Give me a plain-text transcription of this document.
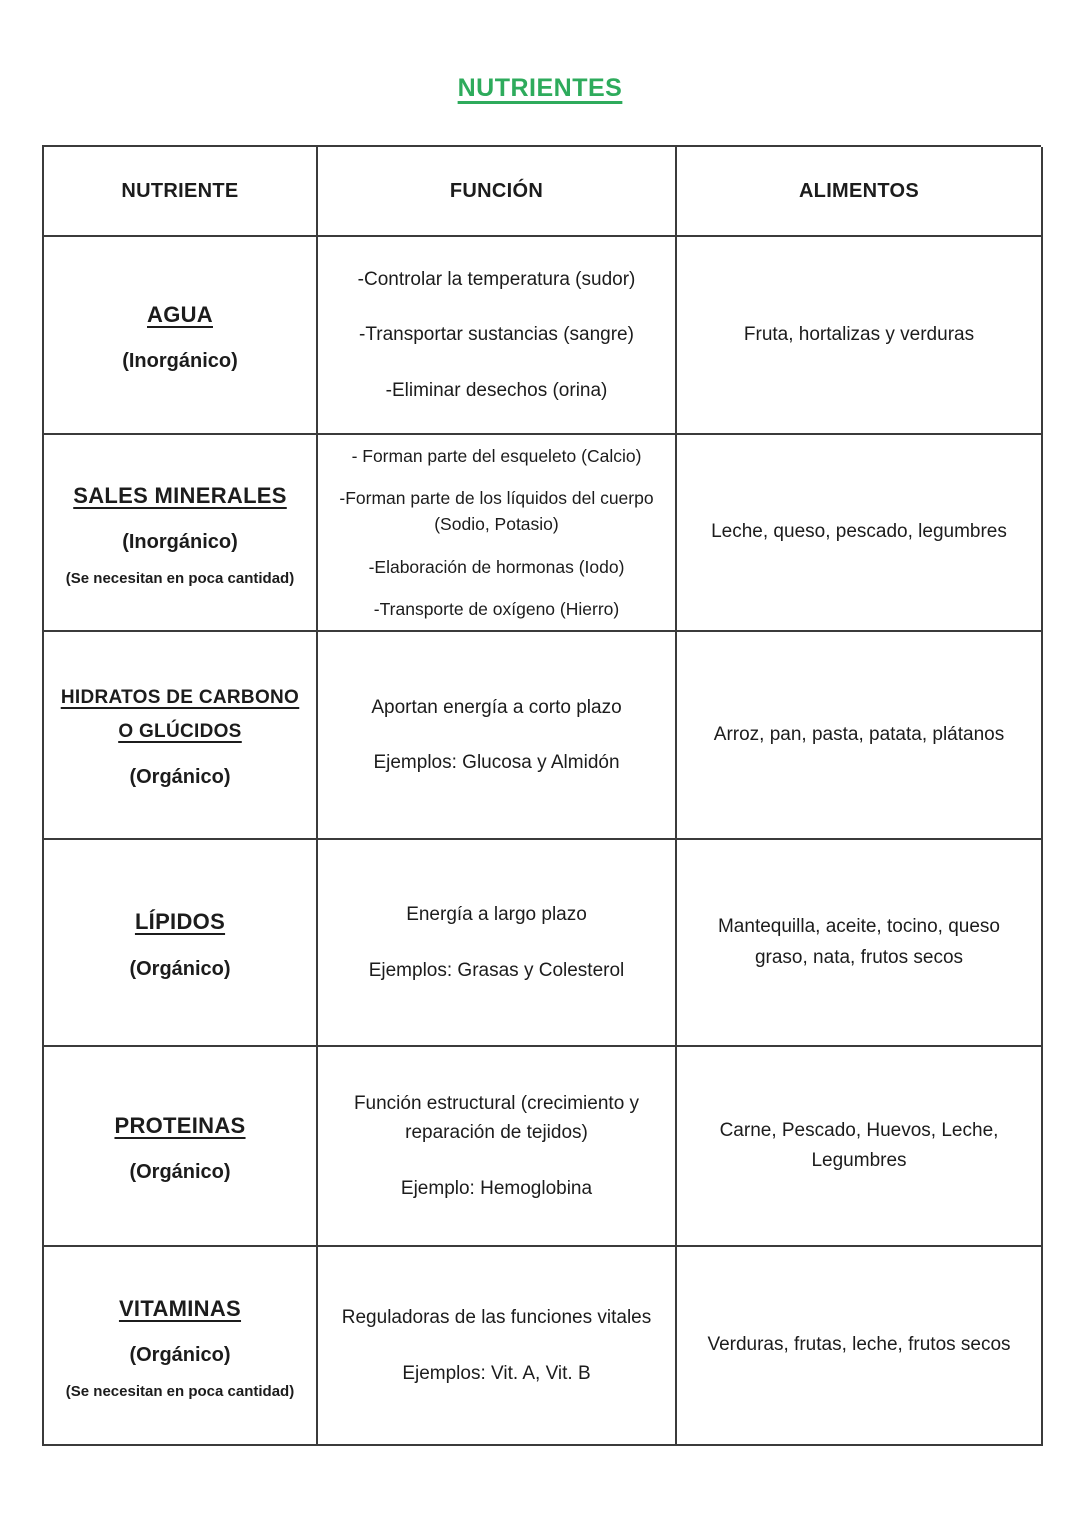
NUTRIENTES
NUTRIENTE	FUNCIÓN	ALIMENTOS
AGUA
(Inorgánico)

-Controlar la temperatura (sudor)

-Transportar sustancias (sangre)

-Eliminar desechos (orina)

Fruta, hortalizas y verduras

SALES MINERALES
(Inorgánico)
(Se necesitan en poca cantidad)

- Forman parte del esqueleto (Calcio)

-Forman parte de los líquidos del cuerpo (Sodio, Potasio)

-Elaboración de hormonas (Iodo)

-Transporte de oxígeno (Hierro)

Leche, queso, pescado, legumbres

HIDRATOS DE CARBONO
O GLÚCIDOS
(Orgánico)

Aportan energía a corto plazo

Ejemplos: Glucosa y Almidón

Arroz, pan, pasta, patata, plátanos

LÍPIDOS
(Orgánico)

Energía a largo plazo

Ejemplos: Grasas y Colesterol

Mantequilla, aceite, tocino, queso graso, nata, frutos secos

PROTEINAS
(Orgánico)

Función estructural (crecimiento y reparación de tejidos)

Ejemplo: Hemoglobina

Carne, Pescado, Huevos, Leche, Legumbres

VITAMINAS
(Orgánico)
(Se necesitan en poca cantidad)

Reguladoras de las funciones vitales

Ejemplos: Vit. A, Vit. B

Verduras, frutas, leche, frutos secos
